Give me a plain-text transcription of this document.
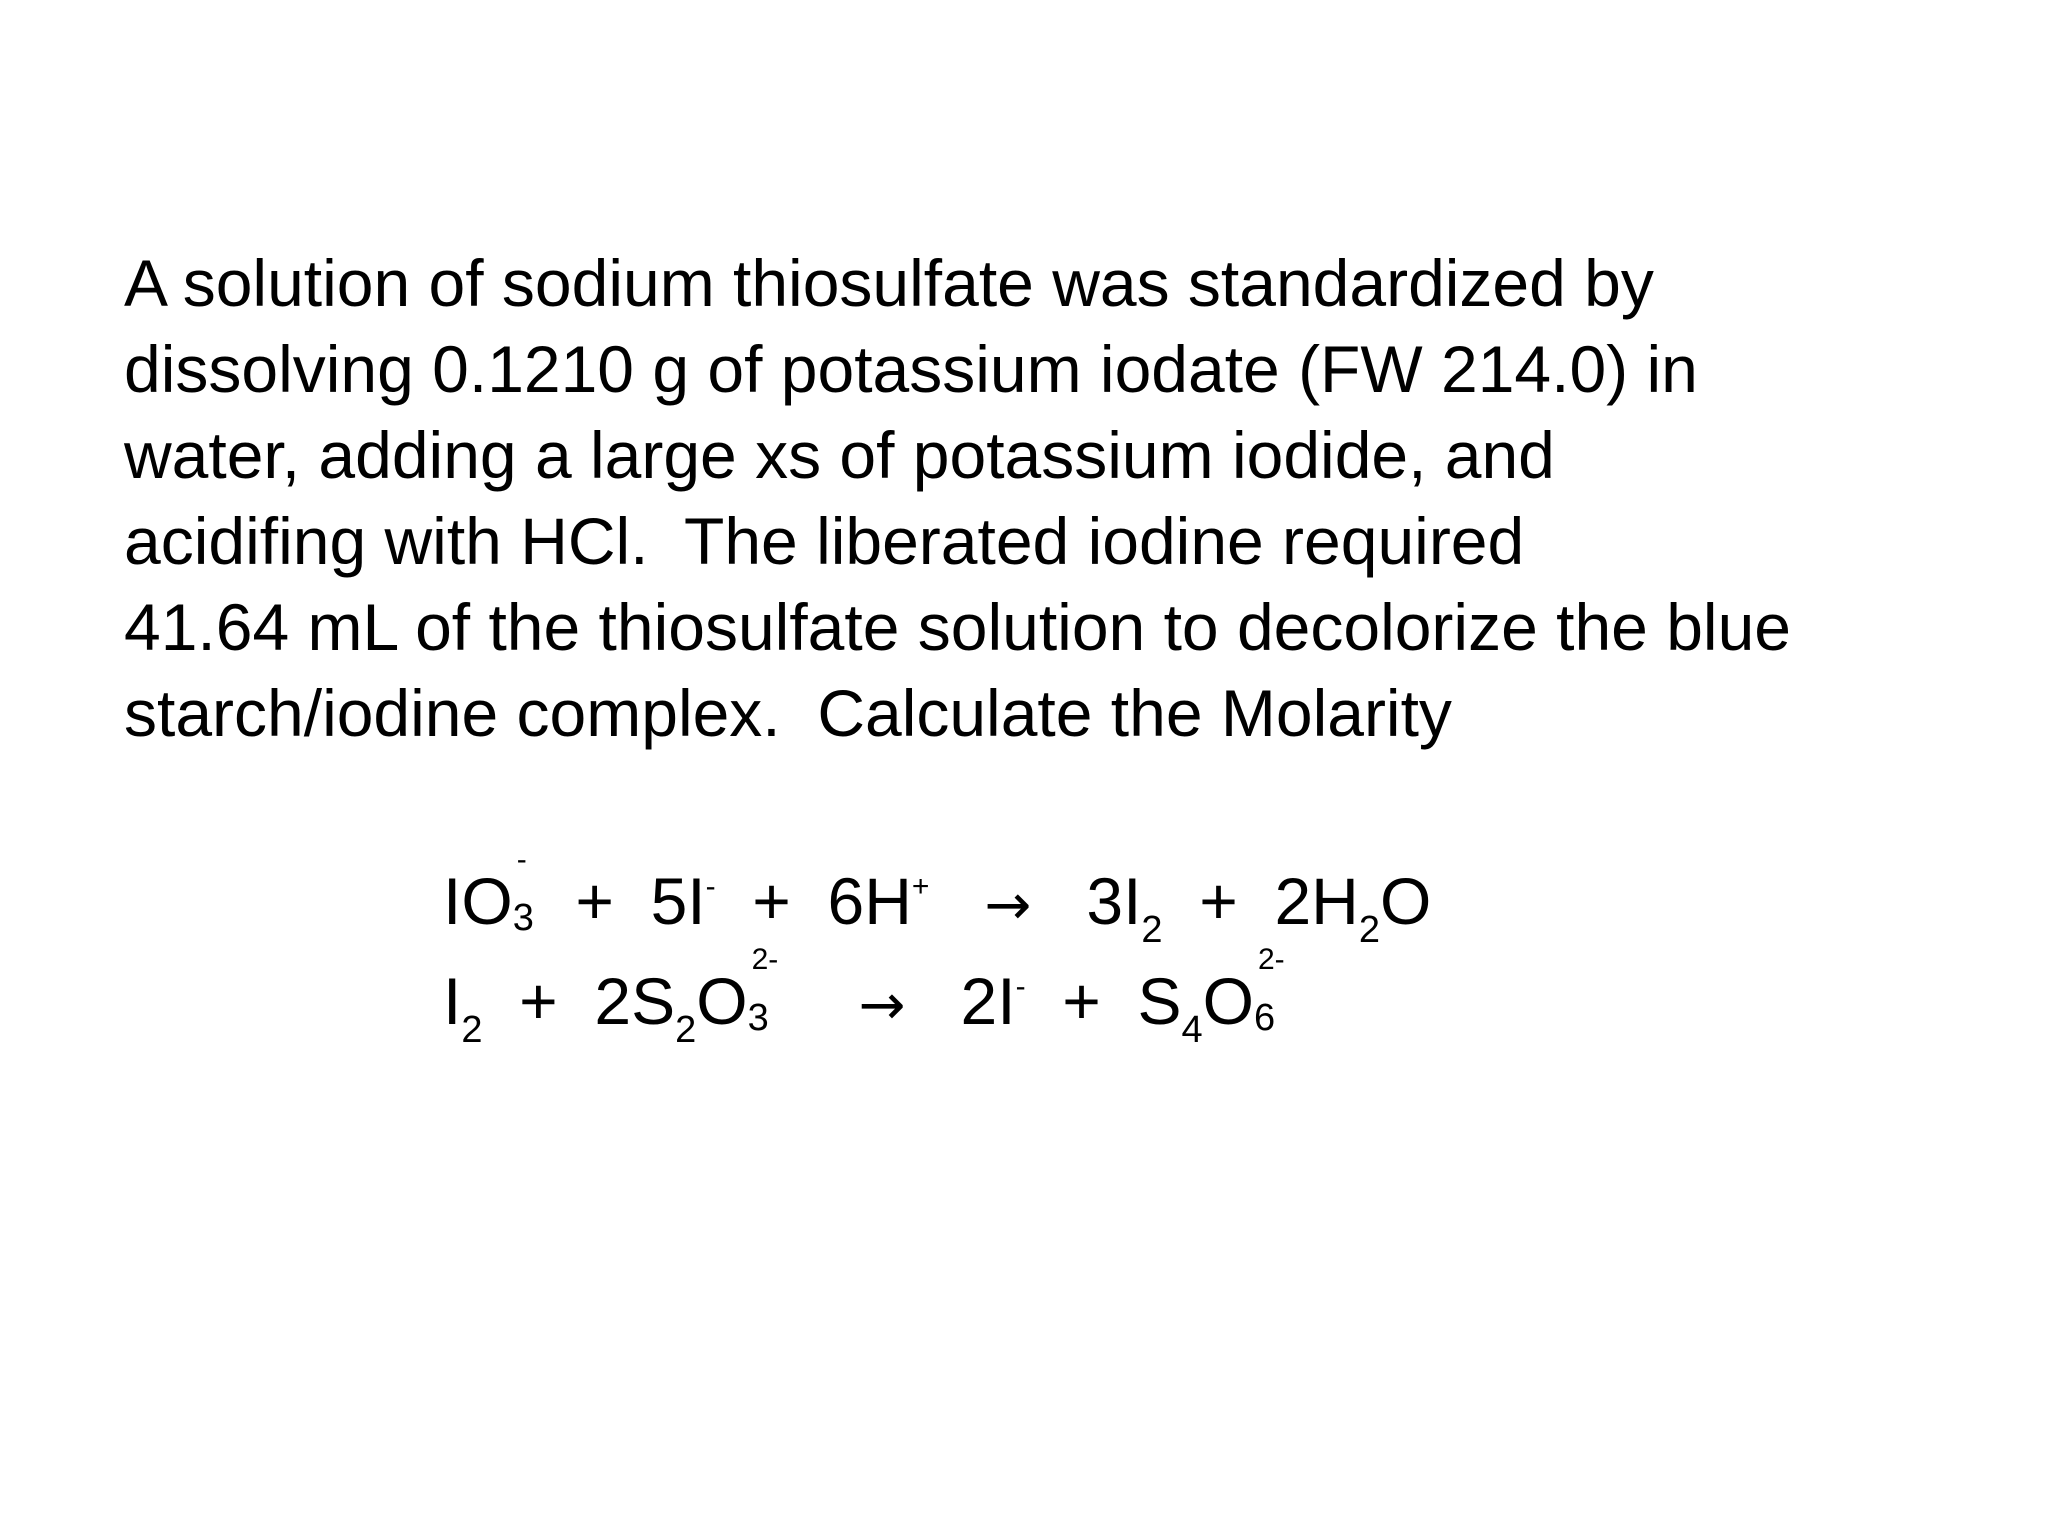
A solution of sodium thiosulfate was standardized by
dissolving 0.1210 g of potassium iodate (FW 214.0) in
water, adding a large xs of potassium iodide, and
acidifing with HCl.  The liberated iodine required
41.64 mL of the thiosulfate solution to decolorize the blue
starch/iodine complex.  Calculate the Molarity
IO 3
-
+  $5I^- + 6H^+ \to 3I_2 + 2H_2O$
$I_2 + 2S_2O$ 3
2-
→ $2I^- + S_4O$ 6
2-
